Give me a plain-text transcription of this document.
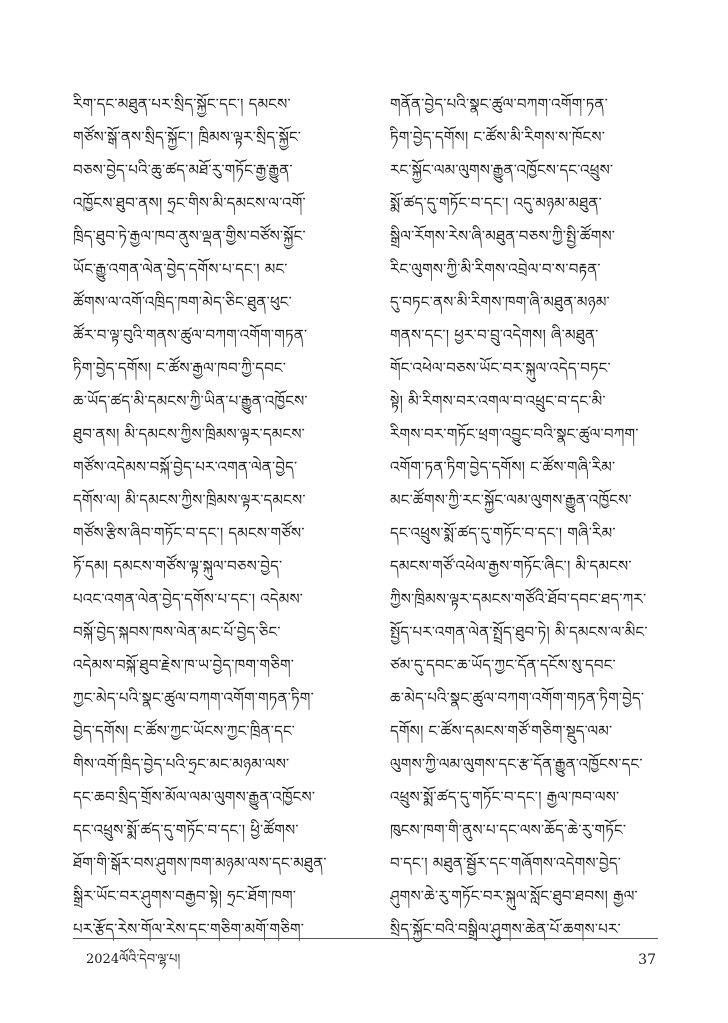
རིག་དང་མཐུན་པར་སྲིད་སྐྱོང་དང་། དམངས་
གཙོས་སྒོ་ནས་སྲིད་སྐྱོང་། ཁྲིམས་ལྟར་སྲིད་སྐྱོང་
བཅས་བྱེད་པའི་ཆུ་ཚད་མཐོ་རུ་གཏོང་རྒྱ་རྒྱུན་
འཁྱོངས་ཐུབ་ནས། ཧྲང་གིས་མི་དམངས་ལ་འགོ་
ཁྲིད་ཐུབ་ཏེ་རྒྱལ་ཁབ་ནུས་ལྡན་གྱིས་བཙོས་སྐྱོང་
ཡོང་རྒྱུ་འགན་ལེན་བྱེད་དགོས་པ་དང་། མང་
ཚོགས་ལ་འགོ་འཁྲིད་ཁག་མེད་ཅིང་ཐུན་ཕུང་
ཚོར་བ་ལྟ་བུའི་གནས་ཚུལ་བཀག་འགོག་གཏན་
ཏིག་བྱེད་དགོས། ང་ཚོས་རྒྱལ་ཁབ་ཀྱི་དབང་
ཆ་ཡོད་ཚད་མི་དམངས་ཀྱི་ཡིན་པ་རྒྱུན་འཁྱོངས་
ཐུབ་ནས། མི་དམངས་ཀྱིས་ཁྲིམས་ལྟར་དམངས་
གཙོས་འདེམས་བསྐོ་བྱེད་པར་འགན་ལེན་བྱེད་
དགོས་ལ། མི་དམངས་ཀྱིས་ཁྲིམས་ལྟར་དམངས་
གཙོས་རྩིས་ཞིབ་གཏོང་བ་དང་། དམངས་གཙོས་
ཏོ་དམ། དམངས་གཙོས་ལྟ་སྐུལ་བཅས་བྱེད་
པའང་འགན་ལེན་བྱེད་དགོས་པ་དང་། འདེམས་
བསྐོ་བྱེད་སྐབས་ཁས་ལེན་མང་པོ་བྱེད་ཅིང་
འདེམས་བསྐོ་ཐུབ་རྗེས་ཁ་ཡ་བྱེད་ཁག་གཅིག་
ཀྱང་མེད་པའི་སྣང་ཚུལ་བཀག་འགོག་གཏན་ཏིག་
བྱེད་དགོས། ང་ཚོས་ཀྱང་ཡོངས་ཀྱང་ཁྲིན་དང་
གིས་འགོ་ཁྲིད་བྱེད་པའི་ཧྲང་མང་མཉམ་ལས་
དང་ཆབ་སྲིད་གྲོས་མོལ་ལམ་ལུགས་རྒྱུན་འཁྱོངས་
དང་འཕྲུས་སྨོ་ཚད་དུ་གཏོང་བ་དང་། ཕྱི་ཚོགས་
ཐོག་གི་སྒོར་བས་ཤུགས་ཁག་མཉམ་ལས་དང་མཐུན་
སྒྲིར་ཡོང་བར་ཤུགས་བརྒྱབ་སྟེ། ཧྲང་ཐོག་ཁག་
པར་རྩོད་རེས་གོལ་རེས་དང་གཅིག་མགོ་གཅིག་
གནོན་བྱེད་པའི་སྣང་ཚུལ་བཀག་འགོག་ཏན་
ཏིག་བྱེད་དགོས། ང་ཚོས་མི་རིགས་ས་ཁོངས་
རང་སྐྱོང་ལམ་ལུགས་རྒྱུན་འཁྱོངས་དང་འཕྲུས་
སྨོ་ཚད་དུ་གཏོང་བ་དང་། འདུ་མཉམ་མཐུན་
སྒྲིལ་རོགས་རེས་ཞི་མཐུན་བཅས་ཀྱི་སྤྱི་ཚོགས་
རིང་ལུགས་ཀྱི་མི་རིགས་འབྲེལ་བ་ས་བརྟན་
དུ་བཏང་ནས་མི་རིགས་ཁག་ཞི་མཐུན་མཉམ་
གནས་དང་། ཕྱར་བ་བྲུ་འདེགས། ཞི་མཐུན་
གོང་འཕེལ་བཅས་ཡོང་བར་སྐུལ་འདེད་བཏང་
སྟེ། མི་རིགས་བར་འགལ་བ་འཕྲུང་བ་དང་མི་
རིགས་བར་གཏོང་ཕྲག་འབྱུང་བའི་སྣང་ཚུལ་བཀག་
འགོག་ཏན་ཏིག་བྱེད་དགོས། ང་ཚོས་གཞི་རིམ་
མང་ཚོགས་ཀྱི་རང་སྐྱོང་ལམ་ལུགས་རྒྱུན་འཁྱོངས་
དང་འཕྲུས་སྨོ་ཚད་དུ་གཏོང་བ་དང་། གཞི་རིམ་
དམངས་གཙོ་འཕེལ་རྒྱས་གཏོང་ཞིང་། མི་དམངས་
ཀྱིས་ཁྲིམས་ལྟར་དམངས་གཙོའི་ཐོབ་དབང་ཐད་ཀར་
སྤྱོད་པར་འགན་ལེན་སྤྲོད་ཐུབ་ཏེ། མི་དམངས་ལ་མིང་
ཙམ་དུ་དབང་ཆ་ཡོད་ཀྱང་དོན་དངོས་སུ་དབང་
ཆ་མེད་པའི་སྣང་ཚུལ་བཀག་འགོག་གཏན་ཏིག་བྱེད་
དགོས། ང་ཚོས་དམངས་གཙོ་གཅིག་སྡུད་ལམ་
ལུགས་ཀྱི་ལམ་ལུགས་དང་རྩ་དོན་རྒྱུན་འཁྱོངས་དང་
འཕྲུས་སྨོ་ཚད་དུ་གཏོང་བ་དང་། རྒྱལ་ཁབ་ལས་
ཁུངས་ཁག་གི་ནུས་པ་དང་ལས་ཆོད་ཆེ་རུ་གཏོང་
བ་དང་། མཐུན་སྦྱོར་དང་གཞོགས་འདེགས་བྱེད་
ཤུགས་ཆེ་རུ་གཏོང་བར་སྐུལ་སློང་ཐུབ་ཐབས། རྒྱལ་
སྲིད་སྐྱོང་བའི་བསྒྲིལ་ཤུགས་ཆེན་པོ་ཆགས་པར་
2024ལོའི་དེབ་ལྷ་པ།	37
